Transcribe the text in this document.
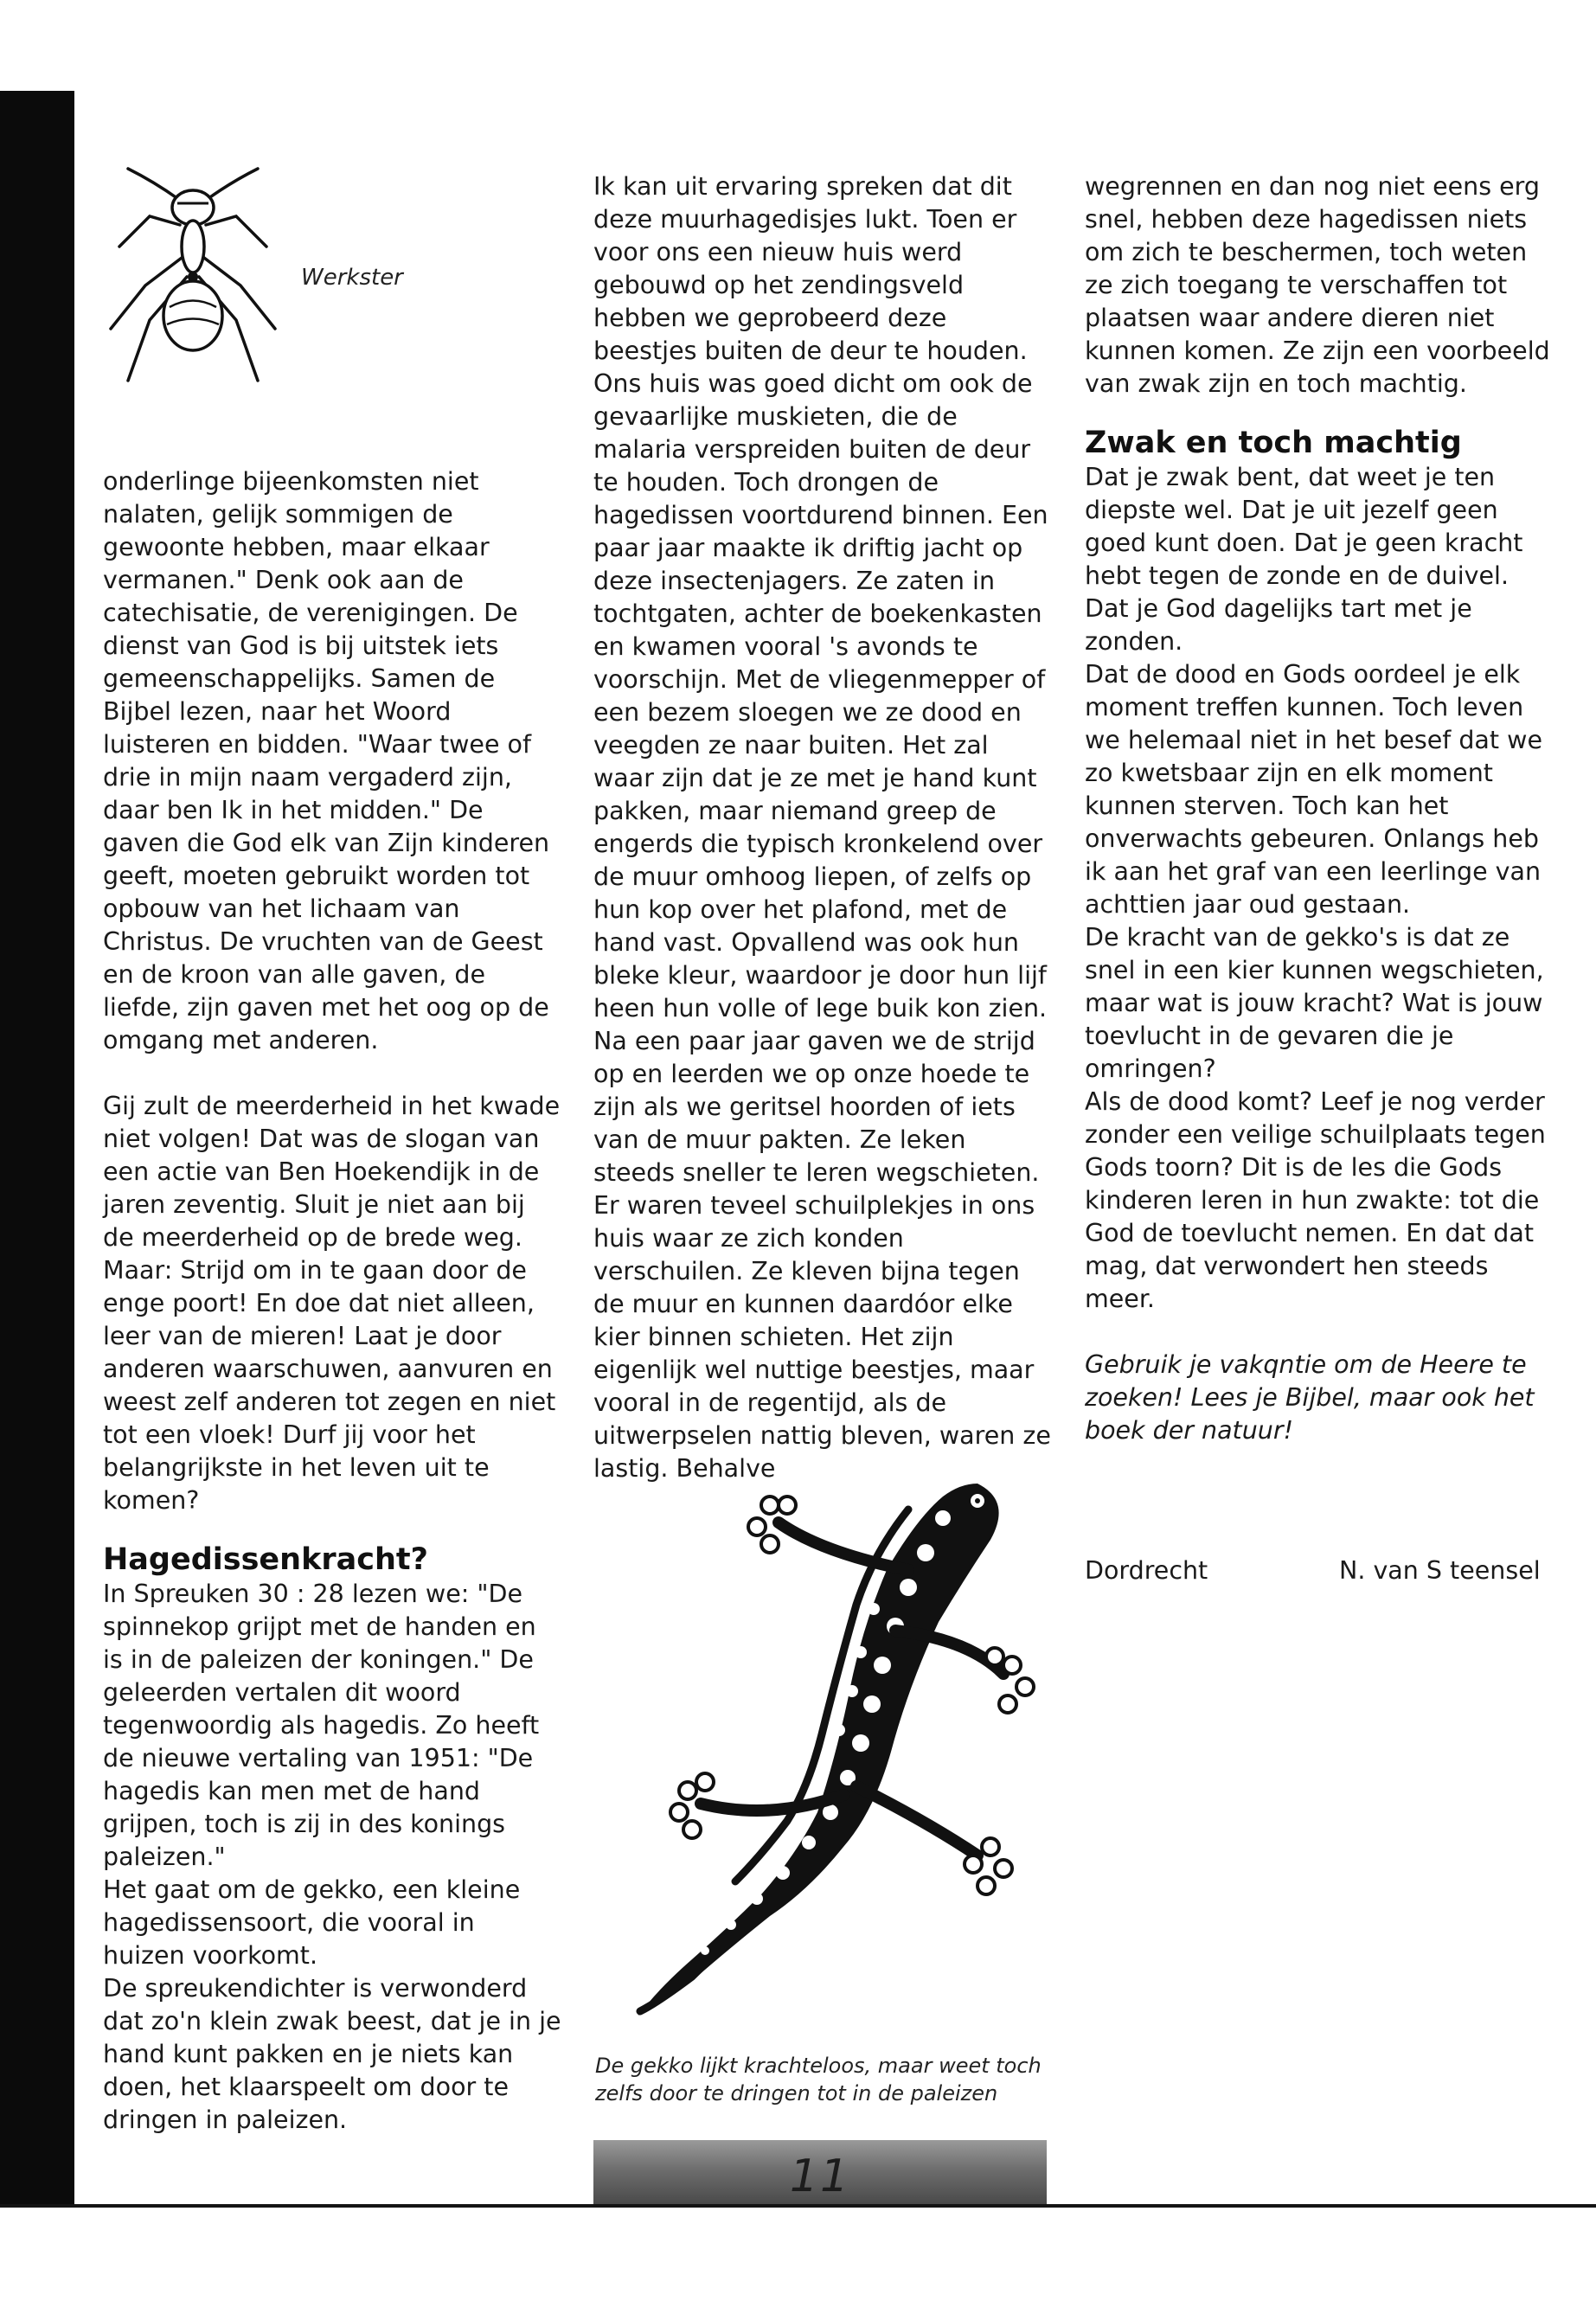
Werkster

onderlinge bijeenkomsten niet nalaten, gelijk sommigen de gewoonte hebben, maar elkaar vermanen." Denk ook aan de catechisatie, de verenigingen. De dienst van God is bij uitstek iets gemeenschappelijks. Samen de Bijbel lezen, naar het Woord luisteren en bidden. "Waar twee of drie in mijn naam vergaderd zijn, daar ben Ik in het midden." De gaven die God elk van Zijn kinderen geeft, moeten gebruikt worden tot opbouw van het lichaam van Christus. De vruchten van de Geest en de kroon van alle gaven, de liefde, zijn gaven met het oog op de omgang met anderen.

Gij zult de meerderheid in het kwade niet volgen! Dat was de slogan van een actie van Ben Hoekendijk in de jaren zeventig. Sluit je niet aan bij de meerderheid op de brede weg. Maar: Strijd om in te gaan door de enge poort! En doe dat niet alleen, leer van de mieren! Laat je door anderen waarschuwen, aanvuren en weest zelf anderen tot zegen en niet tot een vloek! Durf jij voor het belangrijkste in het leven uit te komen?

Hagedissenkracht?

In Spreuken 30 : 28 lezen we: "De spinnekop grijpt met de handen en is in de paleizen der koningen." De geleerden vertalen dit woord tegenwoordig als hagedis. Zo heeft de nieuwe vertaling van 1951: "De hagedis kan men met de hand grijpen, toch is zij in des konings paleizen."

Het gaat om de gekko, een kleine hagedissensoort, die vooral in huizen voorkomt.

De spreukendichter is verwonderd dat zo'n klein zwak beest, dat je in je hand kunt pakken en je niets kan doen, het klaarspeelt om door te dringen in paleizen.

Ik kan uit ervaring spreken dat dit deze muurhagedisjes lukt. Toen er voor ons een nieuw huis werd gebouwd op het zendingsveld hebben we geprobeerd deze beestjes buiten de deur te houden. Ons huis was goed dicht om ook de gevaarlijke muskieten, die de malaria verspreiden buiten de deur te houden. Toch drongen de hagedissen voortdurend binnen. Een paar jaar maakte ik driftig jacht op deze insectenjagers. Ze zaten in tochtgaten, achter de boekenkasten en kwamen vooral 's avonds te voorschijn. Met de vliegenmepper of een bezem sloegen we ze dood en veegden ze naar buiten. Het zal waar zijn dat je ze met je hand kunt pakken, maar niemand greep de engerds die typisch kronkelend over de muur omhoog liepen, of zelfs op hun kop over het plafond, met de hand vast. Opvallend was ook hun bleke kleur, waardoor je door hun lijf heen hun volle of lege buik kon zien. Na een paar jaar gaven we de strijd op en leerden we op onze hoede te zijn als we geritsel hoorden of iets van de muur pakten. Ze leken steeds sneller te leren wegschieten. Er waren teveel schuilplekjes in ons huis waar ze zich konden verschuilen. Ze kleven bijna tegen de muur en kunnen daardóor elke kier binnen schieten. Het zijn eigenlijk wel nuttige beestjes, maar vooral in de regentijd, als de uitwerpselen nattig bleven, waren ze lastig. Behalve

De gekko lijkt krachteloos, maar weet toch zelfs door te dringen tot in de paleizen

wegrennen en dan nog niet eens erg snel, hebben deze hagedissen niets om zich te beschermen, toch weten ze zich toegang te verschaffen tot plaatsen waar andere dieren niet kunnen komen. Ze zijn een voorbeeld van zwak zijn en toch machtig.

Zwak en toch machtig

Dat je zwak bent, dat weet je ten diepste wel. Dat je uit jezelf geen goed kunt doen. Dat je geen kracht hebt tegen de zonde en de duivel. Dat je God dagelijks tart met je zonden.

Dat de dood en Gods oordeel je elk moment treffen kunnen. Toch leven we helemaal niet in het besef dat we zo kwetsbaar zijn en elk moment kunnen sterven. Toch kan het onverwachts gebeuren. Onlangs heb ik aan het graf van een leerlinge van achttien jaar oud gestaan.

De kracht van de gekko's is dat ze snel in een kier kunnen wegschieten, maar wat is jouw kracht? Wat is jouw toevlucht in de gevaren die je omringen?

Als de dood komt? Leef je nog verder zonder een veilige schuilplaats tegen Gods toorn? Dit is de les die Gods kinderen leren in hun zwakte: tot die God de toevlucht nemen. En dat dat mag, dat verwondert hen steeds meer.

Gebruik je vakqntie om de Heere te zoeken! Lees je Bijbel, maar ook het boek der natuur!

Dordrecht	N. van S teensel
11
